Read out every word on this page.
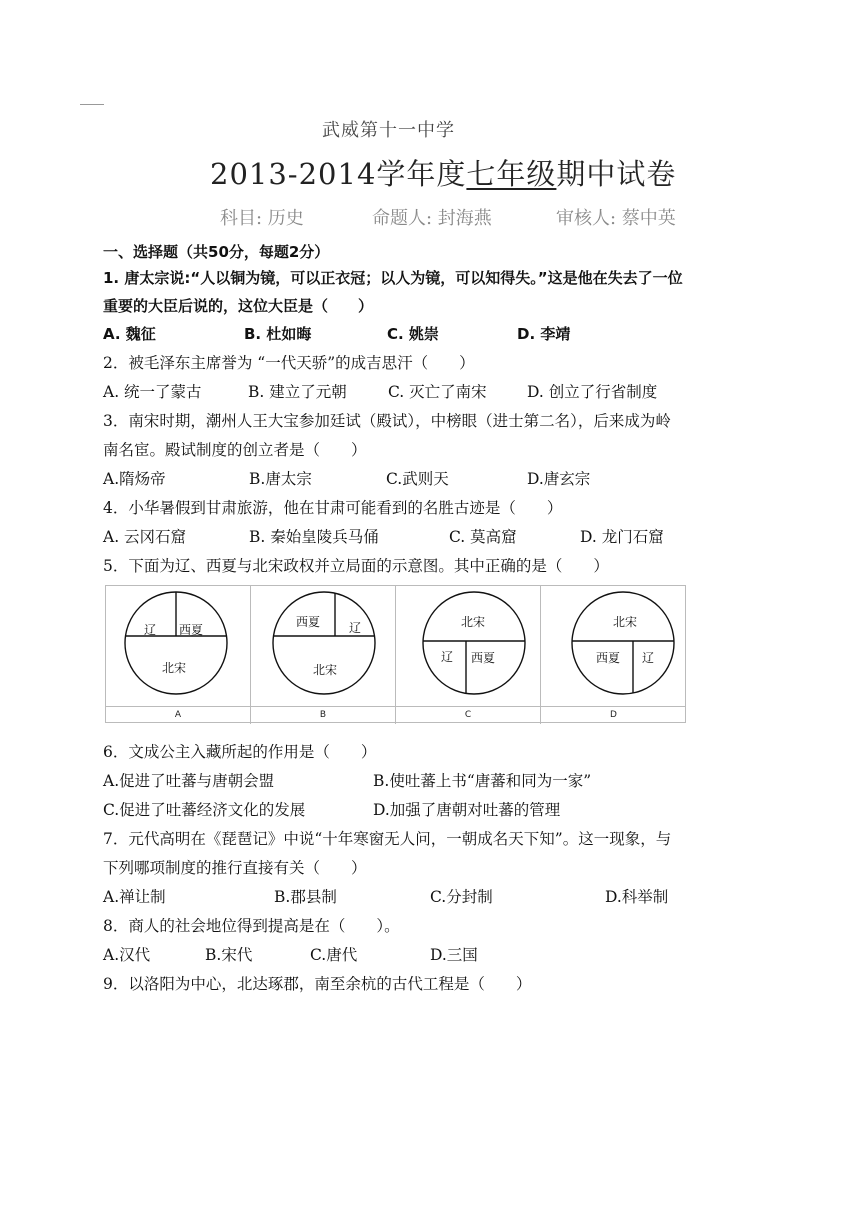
武威第十一中学
2013-2014学年度七年级期中试卷
科目: 历史	命题人: 封海燕	审核人: 蔡中英
一、选择题（共50分，每题2分）
1. 唐太宗说:“人以铜为镜，可以正衣冠；以人为镜，可以知得失。”这是他在失去了一位
重要的大臣后说的，这位大臣是（　　）
A. 魏征	B. 杜如晦	C. 姚崇	D. 李靖
2．被毛泽东主席誉为 “一代天骄”的成吉思汗（　　）
A. 统一了蒙古	B. 建立了元朝	C. 灭亡了南宋	D. 创立了行省制度
3．南宋时期，潮州人王大宝参加廷试（殿试），中榜眼（进士第二名），后来成为岭
南名宦。殿试制度的创立者是（　　）
A.隋炀帝	B.唐太宗	C.武则天	D.唐玄宗
4．小华暑假到甘肃旅游，他在甘肃可能看到的名胜古迹是（　　）
A. 云冈石窟	B. 秦始皇陵兵马俑	C. 莫高窟	D. 龙门石窟
5．下面为辽、西夏与北宋政权并立局面的示意图。其中正确的是（　　）
辽 西夏
北宋
A
西夏 辽
北宋
B
北宋
辽 西夏
C
北宋
西夏 辽
D
6．文成公主入藏所起的作用是（　　）
A.促进了吐蕃与唐朝会盟	B.使吐蕃上书“唐蕃和同为一家”
C.促进了吐蕃经济文化的发展	D.加强了唐朝对吐蕃的管理
7．元代高明在《琵琶记》中说“十年寒窗无人问，一朝成名天下知”。这一现象，与
下列哪项制度的推行直接有关（　　）
A.禅让制	B.郡县制	C.分封制	D.科举制
8．商人的社会地位得到提高是在（　　）。
A.汉代	B.宋代	C.唐代	D.三国
9．以洛阳为中心，北达琢郡，南至余杭的古代工程是（　　）
